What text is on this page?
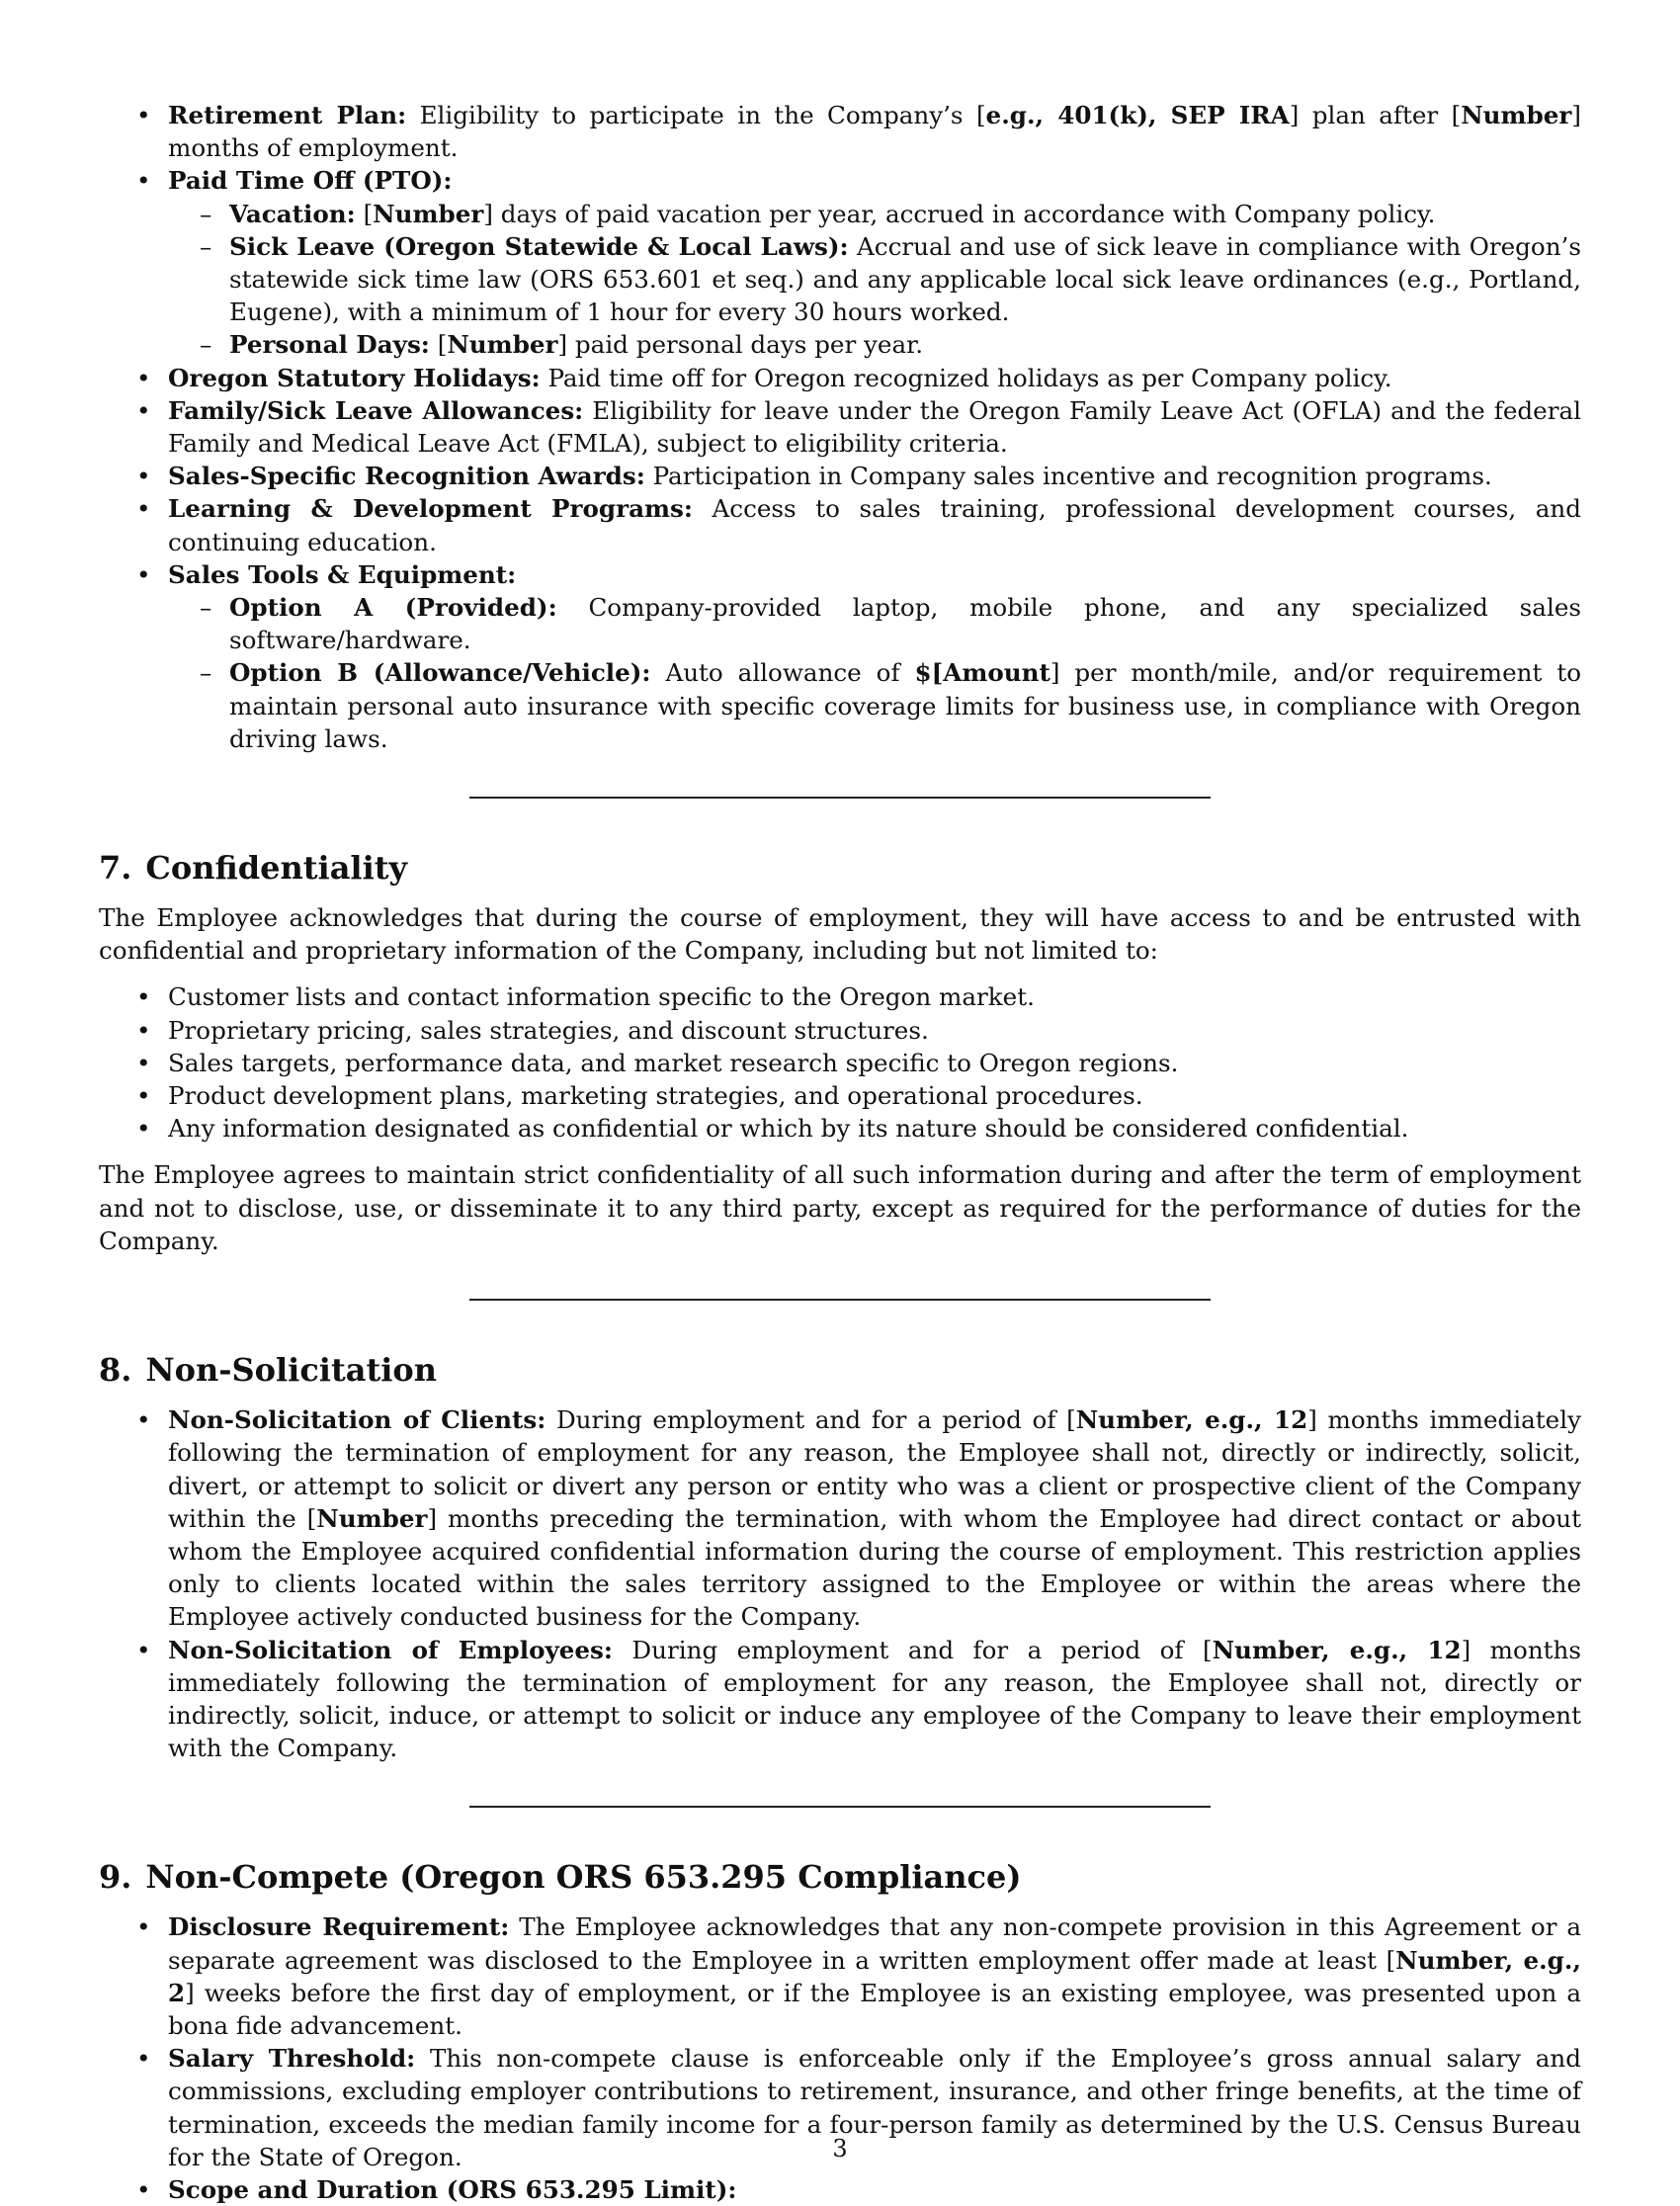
• Retirement Plan: Eligibility to participate in the Company’s [e.g., 401(k), SEP IRA] plan after [Number] months of employment.
• Paid Time Off (PTO):
– Vacation: [Number] days of paid vacation per year, accrued in accordance with Company policy.
– Sick Leave (Oregon Statewide & Local Laws): Accrual and use of sick leave in compliance with Oregon’s statewide sick time law (ORS 653.601 et seq.) and any applicable local sick leave ordinances (e.g., Portland, Eugene), with a minimum of 1 hour for every 30 hours worked.
– Personal Days: [Number] paid personal days per year.
• Oregon Statutory Holidays: Paid time off for Oregon recognized holidays as per Company policy.
• Family/Sick Leave Allowances: Eligibility for leave under the Oregon Family Leave Act (OFLA) and the federal Family and Medical Leave Act (FMLA), subject to eligibility criteria.
• Sales-Specific Recognition Awards: Participation in Company sales incentive and recognition programs.
• Learning & Development Programs: Access to sales training, professional development courses, and continuing education.
• Sales Tools & Equipment:
– Option A (Provided): Company-provided laptop, mobile phone, and any specialized sales software/hardware.
– Option B (Allowance/Vehicle): Auto allowance of $[Amount] per month/mile, and/or requirement to maintain personal auto insurance with specific coverage limits for business use, in compliance with Oregon driving laws.
7. Confidentiality

The Employee acknowledges that during the course of employment, they will have access to and be entrusted with confidential and proprietary information of the Company, including but not limited to:

• Customer lists and contact information specific to the Oregon market.
• Proprietary pricing, sales strategies, and discount structures.
• Sales targets, performance data, and market research specific to Oregon regions.
• Product development plans, marketing strategies, and operational procedures.
• Any information designated as confidential or which by its nature should be considered confidential.

The Employee agrees to maintain strict confidentiality of all such information during and after the term of employment and not to disclose, use, or disseminate it to any third party, except as required for the performance of duties for the Company.

8. Non-Solicitation
• Non-Solicitation of Clients: During employment and for a period of [Number, e.g., 12] months immediately following the termination of employment for any reason, the Employee shall not, directly or indirectly, solicit, divert, or attempt to solicit or divert any person or entity who was a client or prospective client of the Company within the [Number] months preceding the termination, with whom the Employee had direct contact or about whom the Employee acquired confidential information during the course of employment. This restriction applies only to clients located within the sales territory assigned to the Employee or within the areas where the Employee actively conducted business for the Company.
• Non-Solicitation of Employees: During employment and for a period of [Number, e.g., 12] months immediately following the termination of employment for any reason, the Employee shall not, directly or indirectly, solicit, induce, or attempt to solicit or induce any employee of the Company to leave their employment with the Company.
9. Non-Compete (Oregon ORS 653.295 Compliance)
• Disclosure Requirement: The Employee acknowledges that any non-compete provision in this Agreement or a separate agreement was disclosed to the Employee in a written employment offer made at least [Number, e.g., 2] weeks before the first day of employment, or if the Employee is an existing employee, was presented upon a bona fide advancement.
• Salary Threshold: This non-compete clause is enforceable only if the Employee’s gross annual salary and commissions, excluding employer contributions to retirement, insurance, and other fringe benefits, at the time of termination, exceeds the median family income for a four-person family as determined by the U.S. Census Bureau for the State of Oregon.
• Scope and Duration (ORS 653.295 Limit):
3
